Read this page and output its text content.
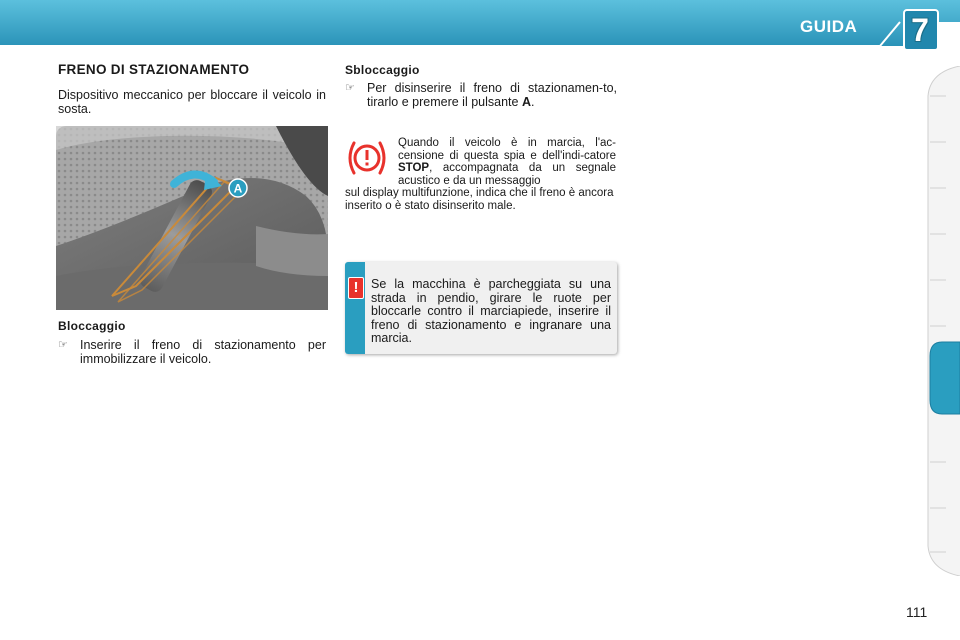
GUIDA 7
FRENO DI STAZIONAMENTO
Dispositivo meccanico per bloccare il veicolo in sosta.
A
Bloccaggio
☞ Inserire il freno di stazionamento per immobilizzare il veicolo.
Sbloccaggio
☞ Per disinserire il freno di stazionamen-to, tirarlo e premere il pulsante A.
Quando il veicolo è in marcia, l'ac-censione di questa spia e dell'indi-catore STOP, accompagnata da un segnale acustico e da un messaggio
sul display multifunzione, indica che il freno è ancora inserito o è stato disinserito male.
!	Se la macchina è parcheggiata su una strada in pendio, girare le ruote per bloccarle contro il marciapiede, inserire il freno di stazionamento e ingranare una marcia.
111
